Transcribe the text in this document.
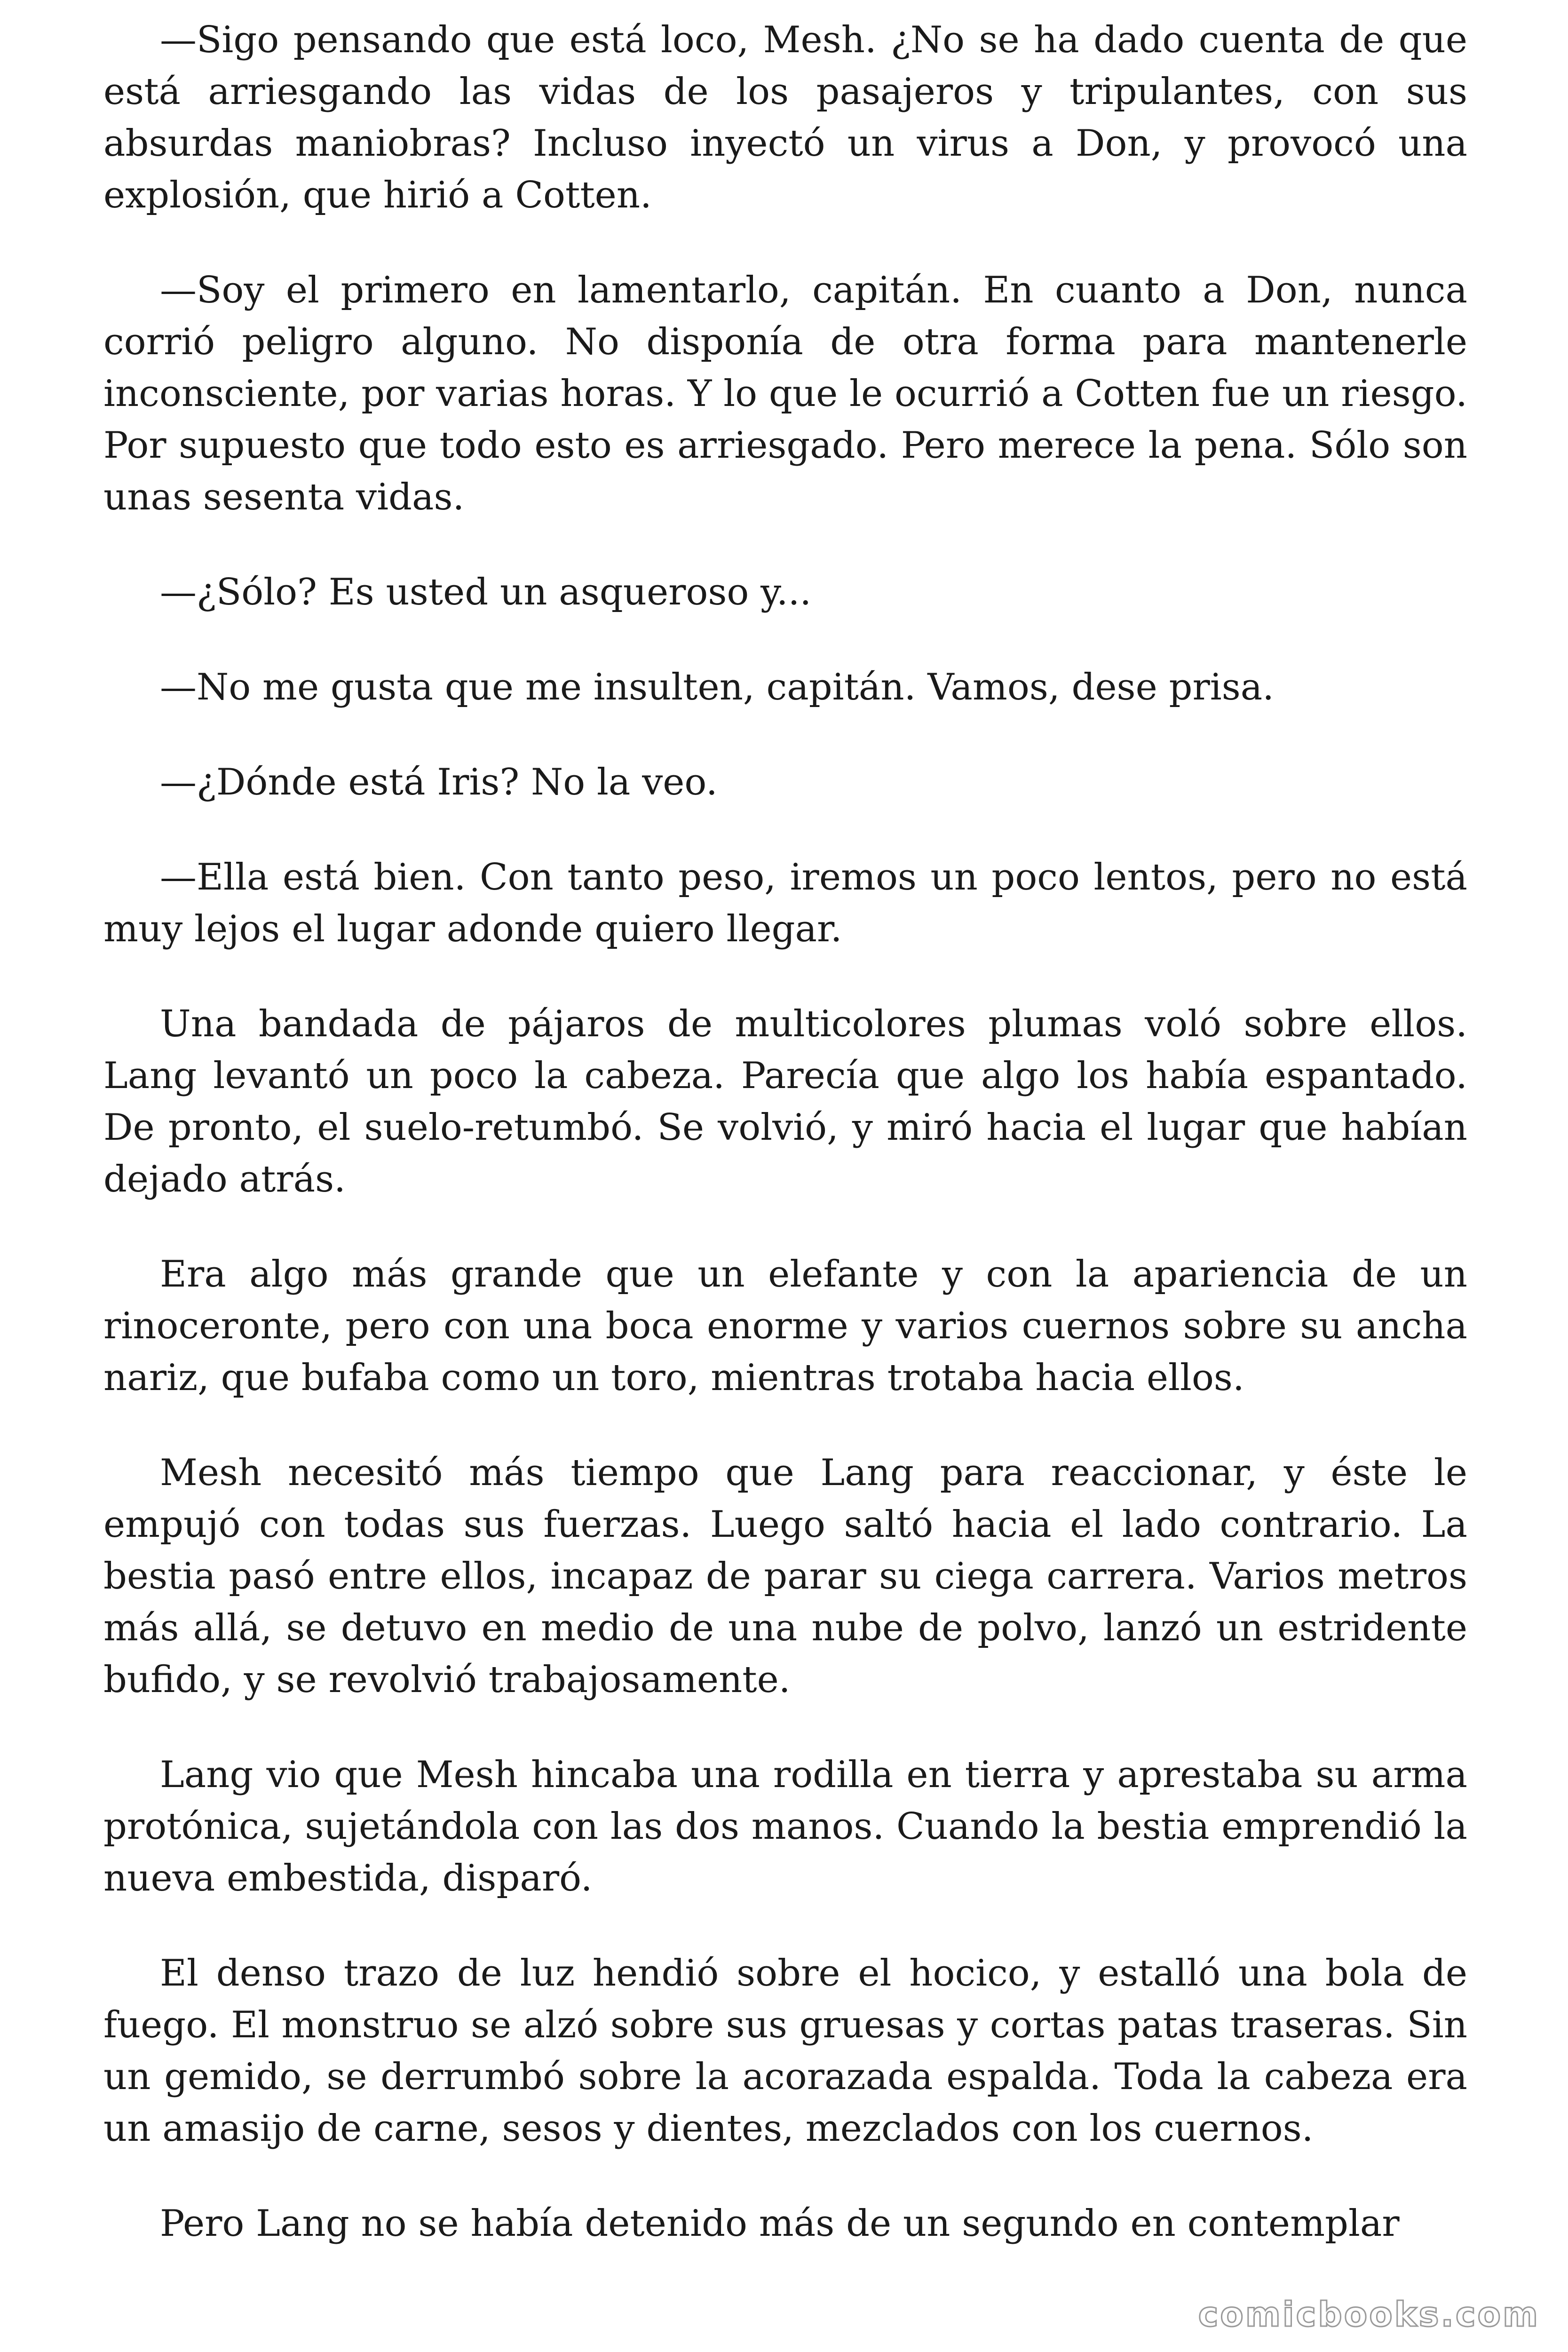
—Sigo pensando que está loco, Mesh. ¿No se ha dado cuenta de que está arriesgando las vidas de los pasajeros y tripulantes, con sus absurdas maniobras? Incluso inyectó un virus a Don, y provocó una explosión, que hirió a Cotten.

—Soy el primero en lamentarlo, capitán. En cuanto a Don, nunca corrió peligro alguno. No disponía de otra forma para mantenerle inconsciente, por varias horas. Y lo que le ocurrió a Cotten fue un riesgo. Por supuesto que todo esto es arriesgado. Pero merece la pena. Sólo son unas sesenta vidas.

—¿Sólo? Es usted un asqueroso y...

—No me gusta que me insulten, capitán. Vamos, dese prisa.

—¿Dónde está Iris? No la veo.

—Ella está bien. Con tanto peso, iremos un poco lentos, pero no está muy lejos el lugar adonde quiero llegar.

Una bandada de pájaros de multicolores plumas voló sobre ellos. Lang levantó un poco la cabeza. Parecía que algo los había espantado. De pronto, el suelo-retumbó. Se volvió, y miró hacia el lugar que habían dejado atrás.

Era algo más grande que un elefante y con la apariencia de un rinoceronte, pero con una boca enorme y varios cuernos sobre su ancha nariz, que bufaba como un toro, mientras trotaba hacia ellos.

Mesh necesitó más tiempo que Lang para reaccionar, y éste le empujó con todas sus fuerzas. Luego saltó hacia el lado contrario. La bestia pasó entre ellos, incapaz de parar su ciega carrera. Varios metros más allá, se detuvo en medio de una nube de polvo, lanzó un estridente bufido, y se revolvió trabajosamente.

Lang vio que Mesh hincaba una rodilla en tierra y aprestaba su arma protónica, sujetándola con las dos manos. Cuando la bestia emprendió la nueva embestida, disparó.

El denso trazo de luz hendió sobre el hocico, y estalló una bola de fuego. El monstruo se alzó sobre sus gruesas y cortas patas traseras. Sin un gemido, se derrumbó sobre la acorazada espalda. Toda la cabeza era un amasijo de carne, sesos y dientes, mezclados con los cuernos.

Pero Lang no se había detenido más de un segundo en contemplar

comicbooks.com
